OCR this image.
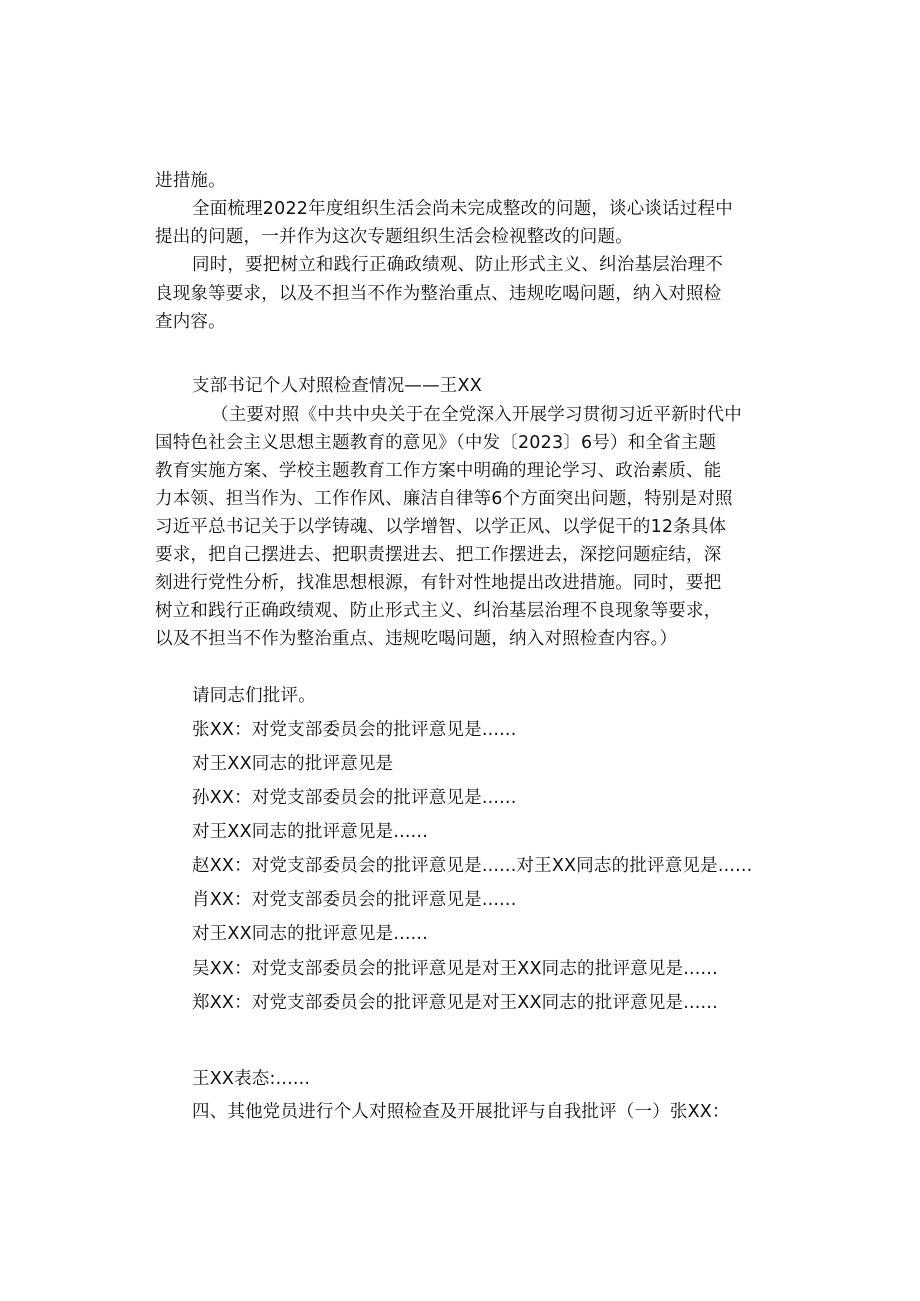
进措施。
全面梳理2022年度组织生活会尚未完成整改的问题，谈心谈话过程中
提出的问题，一并作为这次专题组织生活会检视整改的问题。
同时，要把树立和践行正确政绩观、防止形式主义、纠治基层治理不
良现象等要求，以及不担当不作为整治重点、违规吃喝问题，纳入对照检
查内容。
支部书记个人对照检查情况——王XX
（主要对照《中共中央关于在全党深入开展学习贯彻习近平新时代中
国特色社会主义思想主题教育的意见》（中发〔2023〕6号）和全省主题
教育实施方案、学校主题教育工作方案中明确的理论学习、政治素质、能
力本领、担当作为、工作作风、廉洁自律等6个方面突出问题，特别是对照
习近平总书记关于以学铸魂、以学增智、以学正风、以学促干的12条具体
要求，把自己摆进去、把职责摆进去、把工作摆进去，深挖问题症结，深
刻进行党性分析，找准思想根源，有针对性地提出改进措施。同时，要把
树立和践行正确政绩观、防止形式主义、纠治基层治理不良现象等要求，
以及不担当不作为整治重点、违规吃喝问题，纳入对照检查内容。）
请同志们批评。
张XX：对党支部委员会的批评意见是......
对王XX同志的批评意见是
孙XX：对党支部委员会的批评意见是......
对王XX同志的批评意见是......
赵XX：对党支部委员会的批评意见是......对王XX同志的批评意见是......
肖XX：对党支部委员会的批评意见是......
对王XX同志的批评意见是......
吴XX：对党支部委员会的批评意见是对王XX同志的批评意见是......
郑XX：对党支部委员会的批评意见是对王XX同志的批评意见是......
王XX表态:......
四、其他党员进行个人对照检查及开展批评与自我批评（一）张XX：
